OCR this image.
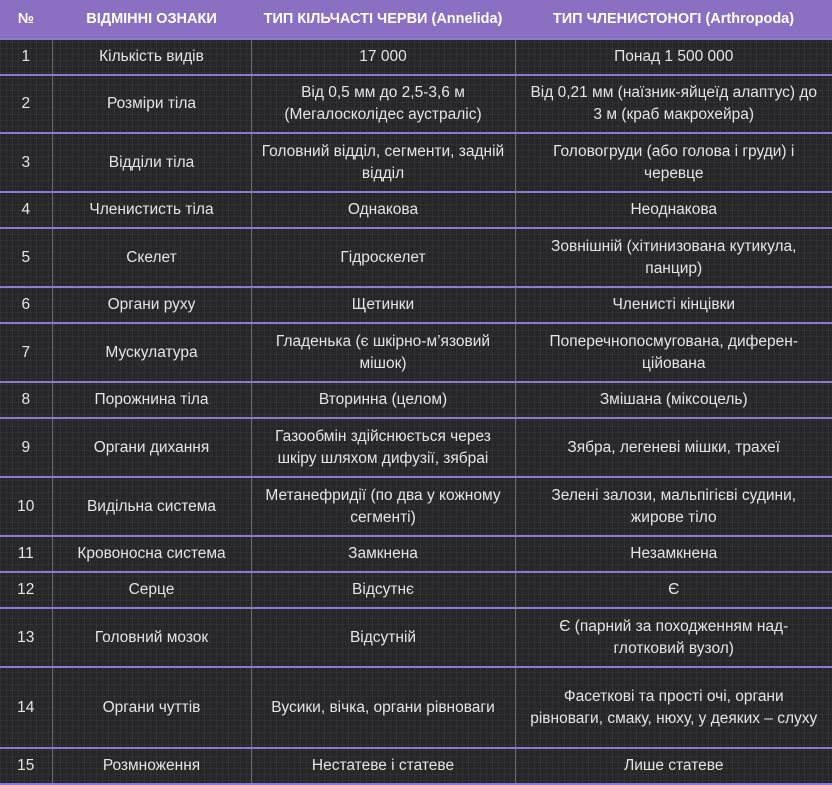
№	ВІДМІННІ ОЗНАКИ	ТИП КІЛЬЧАСТІ ЧЕРВИ (Annelida)	ТИП ЧЛЕНИСТОНОГІ (Arthropoda)
1	Кількість видів	17 000	Понад 1 500 000
2	Розміри тіла	Від 0,5 мм до 2,5-3,6 м (Мегалосколідес аустраліс)	Від 0,21 мм (наїзник-яйцеїд алаптус) до 3 м (краб макрохейра)
3	Відділи тіла	Головний відділ, сегменти, задній відділ	Головогруди (або голова і груди) і черевце
4	Членистисть тіла	Однакова	Неоднакова
5	Скелет	Гідроскелет	Зовнішній (хітинизована кутикула, панцир)
6	Органи руху	Щетинки	Членисті кінцівки
7	Мускулатура	Гладенька (є шкірно-м’язовий мішок)	Поперечнопосмугована, диферен-ційована
8	Порожнина тіла	Вторинна (целом)	Змішана (міксоцель)
9	Органи дихання	Газообмін здійснюється через шкіру шляхом дифузії, зябраі	Зябра, легеневі мішки, трахеї
10	Видільна система	Метанефридії (по два у кожному сегменті)	Зелені залози, мальпігієві судини, жирове тіло
11	Кровоносна система	Замкнена	Незамкнена
12	Серце	Відсутнє	Є
13	Головний мозок	Відсутній	Є (парний за походженням над-глотковий вузол)
14	Органи чуттів	Вусики, вічка, органи рівноваги	Фасеткові та прості очі, органи рівноваги, смаку, нюху, у деяких – слуху
15	Розмноження	Нестатеве і статеве	Лише статеве
